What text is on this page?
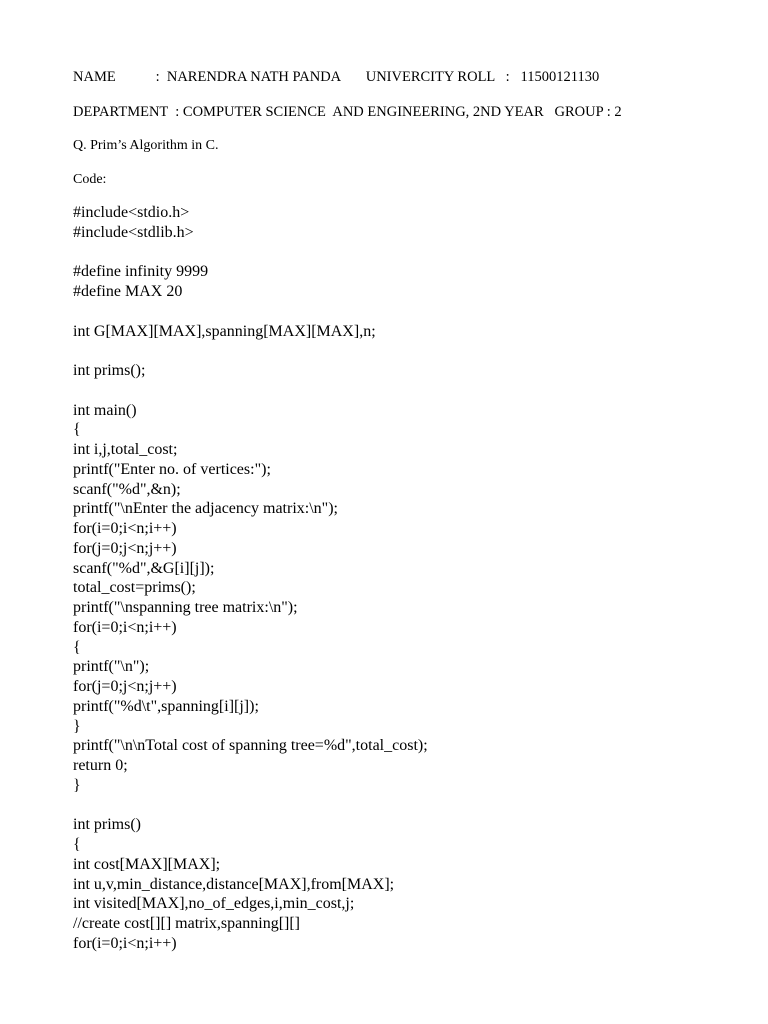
NAME           :  NARENDRA NATH PANDA UNIVERCITY ROLL   :   11500121130
DEPARTMENT  : COMPUTER SCIENCE  AND ENGINEERING, 2ND YEAR   GROUP : 2
Q. Prim’s Algorithm in C.
Code:
#include<stdio.h>
#include<stdlib.h>
#define infinity 9999
#define MAX 20
int G[MAX][MAX],spanning[MAX][MAX],n;
int prims();
int main()
{
int i,j,total_cost;
printf("Enter no. of vertices:");
scanf("%d",&n);
printf("\nEnter the adjacency matrix:\n");
for(i=0;i<n;i++)
for(j=0;j<n;j++)
scanf("%d",&G[i][j]);
total_cost=prims();
printf("\nspanning tree matrix:\n");
for(i=0;i<n;i++)
{
printf("\n");
for(j=0;j<n;j++)
printf("%d\t",spanning[i][j]);
}
printf("\n\nTotal cost of spanning tree=%d",total_cost);
return 0;
}
int prims()
{
int cost[MAX][MAX];
int u,v,min_distance,distance[MAX],from[MAX];
int visited[MAX],no_of_edges,i,min_cost,j;
//create cost[][] matrix,spanning[][]
for(i=0;i<n;i++)
